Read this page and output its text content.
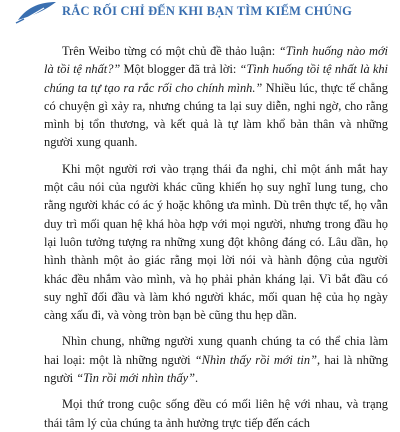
RẮC RỐI CHỈ ĐẾN KHI BẠN TÌM KIẾM CHÚNG

Trên Weibo từng có một chủ đề thảo luận: “Tình huống nào mới là tồi tệ nhất?” Một blogger đã trả lời: “Tình huống tồi tệ nhất là khi chúng ta tự tạo ra rắc rối cho chính mình.” Nhiều lúc, thực tế chẳng có chuyện gì xảy ra, nhưng chúng ta lại suy diễn, nghi ngờ, cho rằng mình bị tổn thương, và kết quả là tự làm khổ bản thân và những người xung quanh.

Khi một người rơi vào trạng thái đa nghi, chỉ một ánh mắt hay một câu nói của người khác cũng khiến họ suy nghĩ lung tung, cho rằng người khác có ác ý hoặc không ưa mình. Dù trên thực tế, họ vẫn duy trì mối quan hệ khá hòa hợp với mọi người, nhưng trong đầu họ lại luôn tưởng tượng ra những xung đột không đáng có. Lâu dần, họ hình thành một ảo giác rằng mọi lời nói và hành động của người khác đều nhắm vào mình, và họ phải phản kháng lại. Vì bắt đầu có suy nghĩ đối đầu và làm khó người khác, mối quan hệ của họ ngày càng xấu đi, và vòng tròn bạn bè cũng thu hẹp dần.

Nhìn chung, những người xung quanh chúng ta có thể chia làm hai loại: một là những người “Nhìn thấy rồi mới tin”, hai là những người “Tin rồi mới nhìn thấy”.

Mọi thứ trong cuộc sống đều có mối liên hệ với nhau, và trạng thái tâm lý của chúng ta ảnh hưởng trực tiếp đến cách
